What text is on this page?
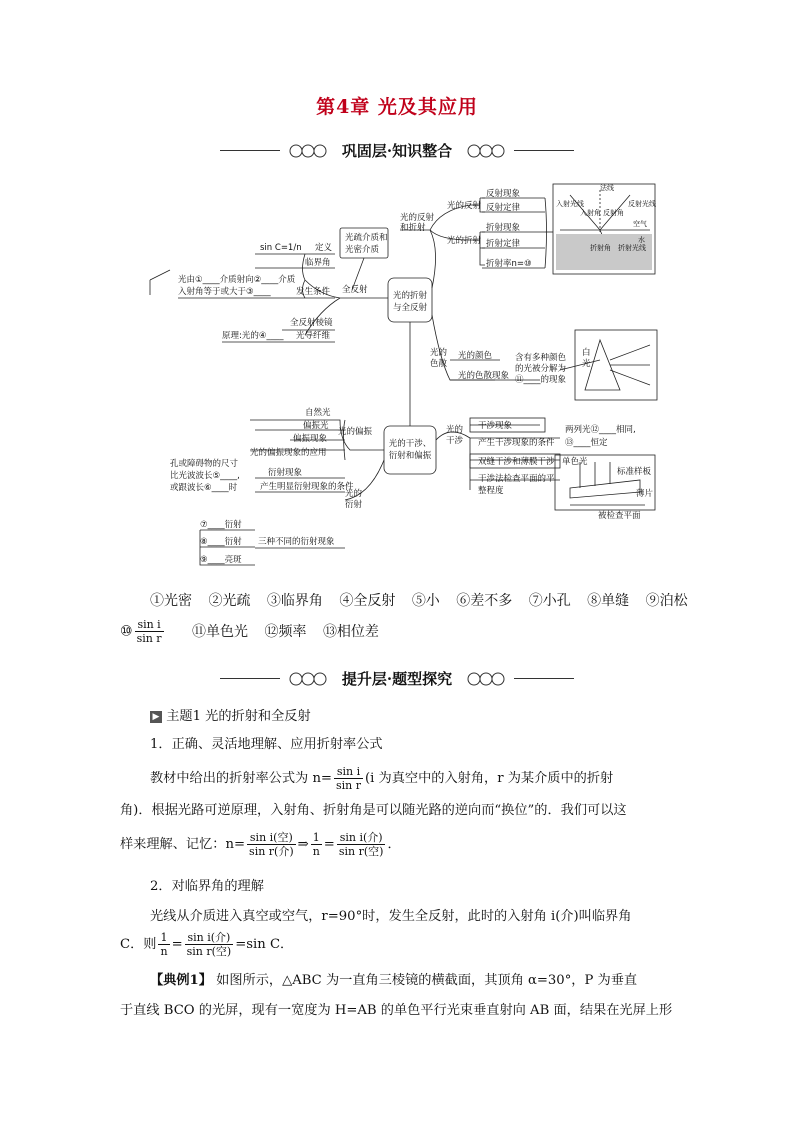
第4章 光及其应用
巩固层·知识整合
光的折射
与全反射
光的干涉、
衍射和偏振
光的反射
和折射
光的反射
光的折射
反射现象
反射定律
折射现象
折射定律
折射率n=⑩
光疏介质和
光密介质
全反射
sin C=1/n 定义
临界角
光由①____介质射向②____介质
入射角等于或大于③____	发生条件
全反射棱镜
原理:光的④____ 光导纤维
光的
色散
光的颜色
光的色散现象
含有多种颜色
的光被分解为
⑪____的现象
白
光
光的偏振
自然光
偏振光
偏振现象
光的偏振现象的应用
光的
干涉
干涉现象
产生干涉现象的条件
双缝干涉和薄膜干涉
干涉法检查平面的平
整程度
两列光⑫____相同,
⑬____恒定
单色光
标准样板
薄片
被检查平面
光的
衍射
衍射现象
产生明显衍射现象的条件
孔或障碍物的尺寸
比光波波长⑤____,
或跟波长⑥____时
⑦____衍射
⑧____衍射
⑨____亮斑
三种不同的衍射现象
法线
入射光线	反射光线
反射角
入射角
空气
水
折射光线
折射角
①光密 ②光疏 ③临界角 ④全反射 ⑤小 ⑥差不多 ⑦小孔 ⑧单缝 ⑨泊松
⑩ $\frac{\text{sin i}}{\text{sin r}}$ ⑪单色光 ⑫频率 ⑬相位差
提升层·题型探究
▶ 主题1 光的折射和全反射
1．正确、灵活地理解、应用折射率公式
教材中给出的折射率公式为 $n= \frac{\text{sin i}}{\text{sin r}} (i$ 为真空中的入射角，r 为某介质中的折射
角)．根据光路可逆原理，入射角、折射角是可以随光路的逆向而“换位”的．我们可以这
样来理解、记忆：$n= \frac{\text{sin i(空)}}{\text{sin r(介)}}$ ⇒ $\frac{1}{n} = \frac{\text{sin i(介)}}{\text{sin r(空)}}$ ．
2．对临界角的理解
光线从介质进入真空或空气，r=90°时，发生全反射，此时的入射角 i(介)叫临界角
C．则 $\frac{1}{n} = \frac{\text{sin i(介)}}{\text{sin r(空)}} =\sin$ C．
【典例1】 如图所示，△ABC 为一直角三棱镜的横截面，其顶角 α=30°，P 为垂直
于直线 BCO 的光屏，现有一宽度为 H=AB 的单色平行光束垂直射向 AB 面，结果在光屏上形
